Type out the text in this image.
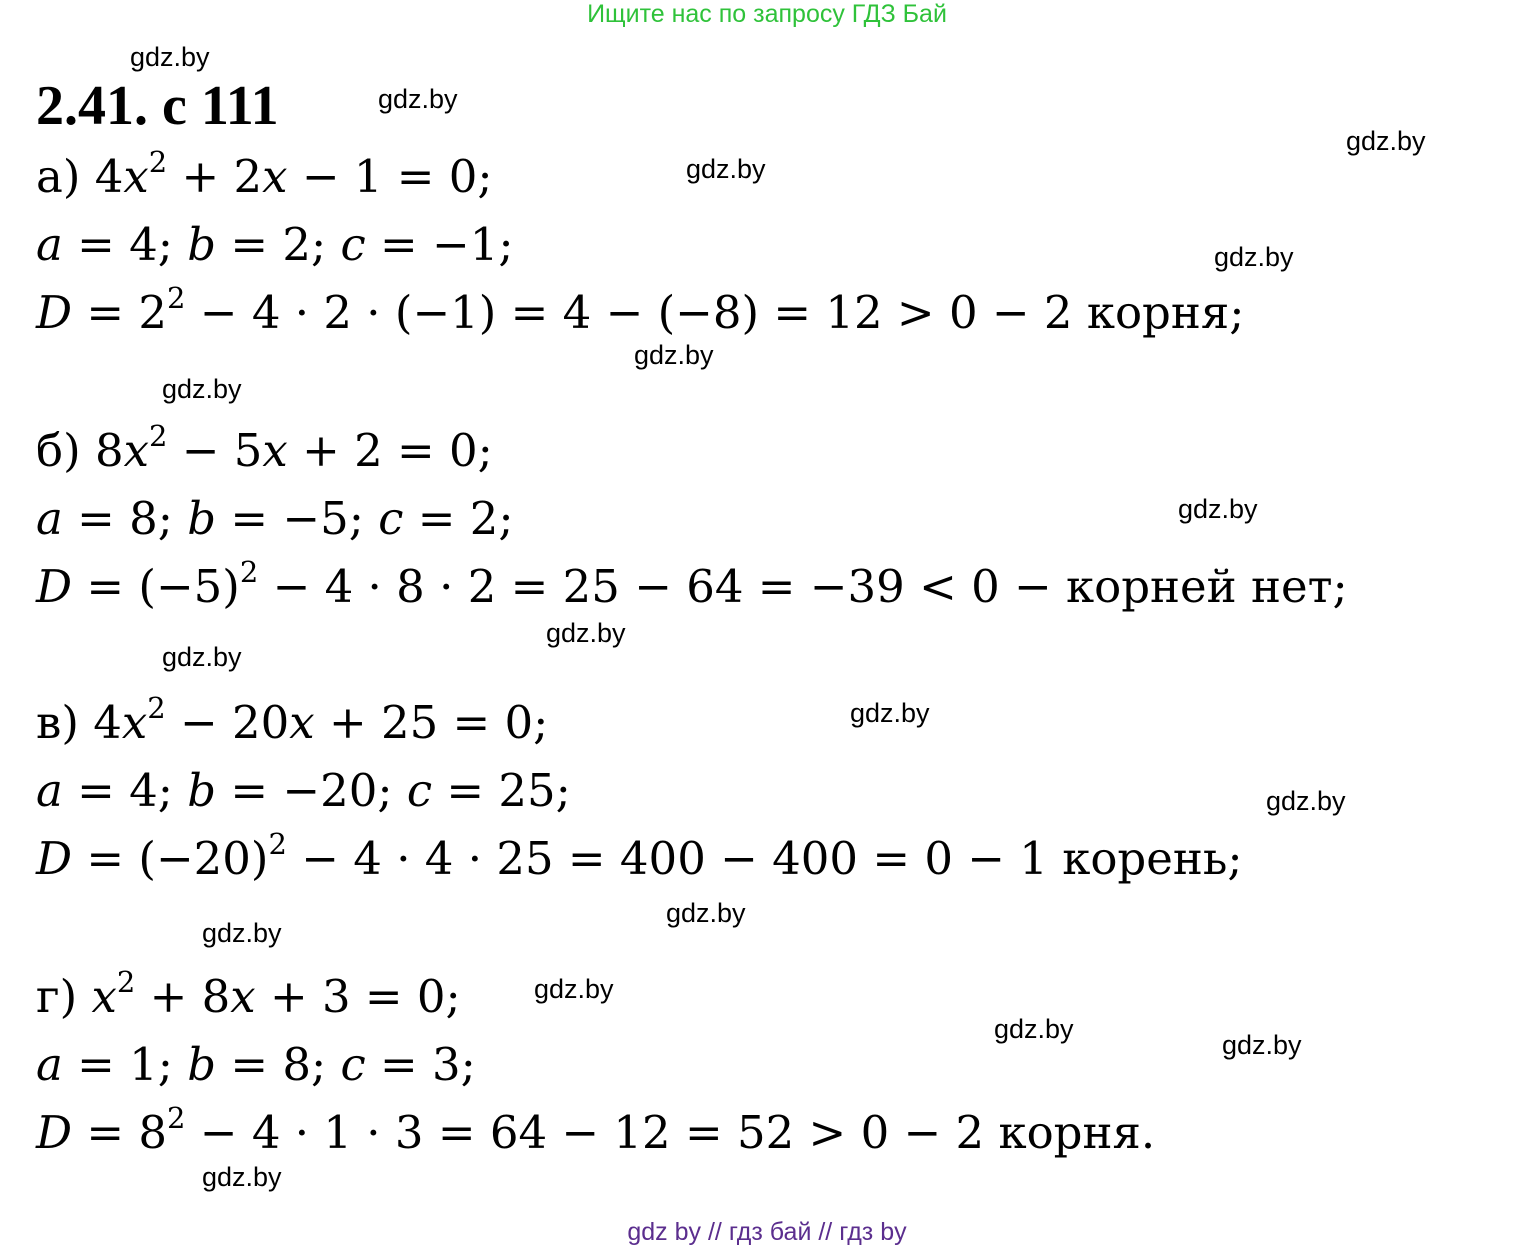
Ищите нас по запросу ГДЗ Бай
2.41. с 111
а) $4x^2 + 2x - 1 = 0$;
a = 4; b = 2; c = −1;
$D = 2^2 - 4 \cdot 2 \cdot (-1) = 4 - (-8) = 12 > 0 - 2$ корня;
б) $8x^2 - 5x + 2 = 0$;
a = 8; b = −5; c = 2;
$D = (-5)^2 - 4 \cdot 8 \cdot 2 = 25 - 64 = -39 < 0$ − корней нет;
в) $4x^2 - 20x + 25 = 0$;
a = 4; b = −20; c = 25;
$D = (-20)^2 - 4 \cdot 4 \cdot 25 = 400 - 400 = 0 - 1$ корень;
г) $x^2 + 8x + 3 = 0$;
a = 1; b = 8; c = 3;
$D = 8^2 - 4 \cdot 1 \cdot 3 = 64 - 12 = 52 > 0 - 2$ корня.
gdz.by
gdz.by
gdz.by
gdz.by
gdz.by
gdz.by
gdz.by
gdz.by
gdz.by
gdz.by
gdz.by
gdz.by
gdz.by
gdz.by
gdz.by
gdz.by
gdz.by
gdz.by
gdz by // гдз бай // гдз by
